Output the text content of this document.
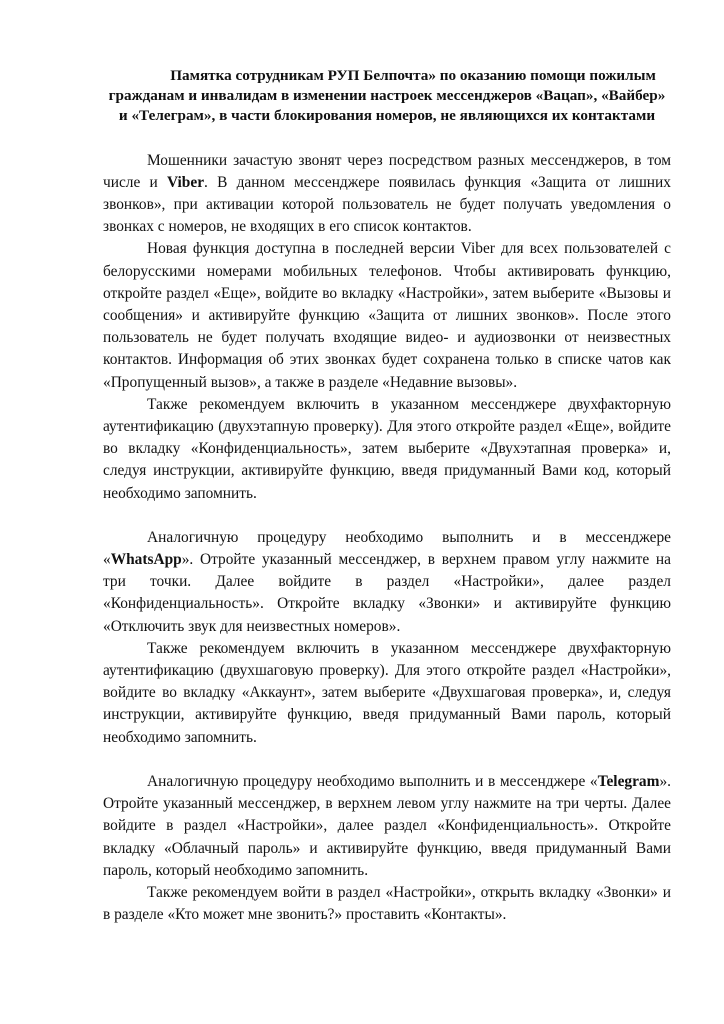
Памятка сотрудникам РУП Белпочта» по оказанию помощи пожилым гражданам и инвалидам в изменении настроек мессенджеров «Вацап», «Вайбер» и «Телеграм», в части блокирования номеров, не являющихся их контактами

Мошенники зачастую звонят через посредством разных мессенджеров, в том числе и Viber. В данном мессенджере появилась функция «Защита от лишних звонков», при активации которой пользователь не будет получать уведомления о звонках с номеров, не входящих в его список контактов.

Новая функция доступна в последней версии Viber для всех пользователей с белорусскими номерами мобильных телефонов. Чтобы активировать функцию, откройте раздел «Еще», войдите во вкладку «Настройки», затем выберите «Вызовы и сообщения» и активируйте функцию «Защита от лишних звонков». После этого пользователь не будет получать входящие видео- и аудиозвонки от неизвестных контактов. Информация об этих звонках будет сохранена только в списке чатов как «Пропущенный вызов», а также в разделе «Недавние вызовы».

Также рекомендуем включить в указанном мессенджере двухфакторную аутентификацию (двухэтапную проверку). Для этого откройте раздел «Еще», войдите во вкладку «Конфиденциальность», затем выберите «Двухэтапная проверка» и, следуя инструкции, активируйте функцию, введя придуманный Вами код, который необходимо запомнить.

Аналогичную процедуру необходимо выполнить и в мессенджере «WhatsApp». Отройте указанный мессенджер, в верхнем правом углу нажмите на три точки. Далее войдите в раздел «Настройки», далее раздел «Конфиденциальность». Откройте вкладку «Звонки» и активируйте функцию «Отключить звук для неизвестных номеров».

Также рекомендуем включить в указанном мессенджере двухфакторную аутентификацию (двухшаговую проверку). Для этого откройте раздел «Настройки», войдите во вкладку «Аккаунт», затем выберите «Двухшаговая проверка», и, следуя инструкции, активируйте функцию, введя придуманный Вами пароль, который необходимо запомнить.

Аналогичную процедуру необходимо выполнить и в мессенджере «Telegram». Отройте указанный мессенджер, в верхнем левом углу нажмите на три черты. Далее войдите в раздел «Настройки», далее раздел «Конфиденциальность». Откройте вкладку «Облачный пароль» и активируйте функцию, введя придуманный Вами пароль, который необходимо запомнить.

Также рекомендуем войти в раздел «Настройки», открыть вкладку «Звонки» и в разделе «Кто может мне звонить?» проставить «Контакты».
